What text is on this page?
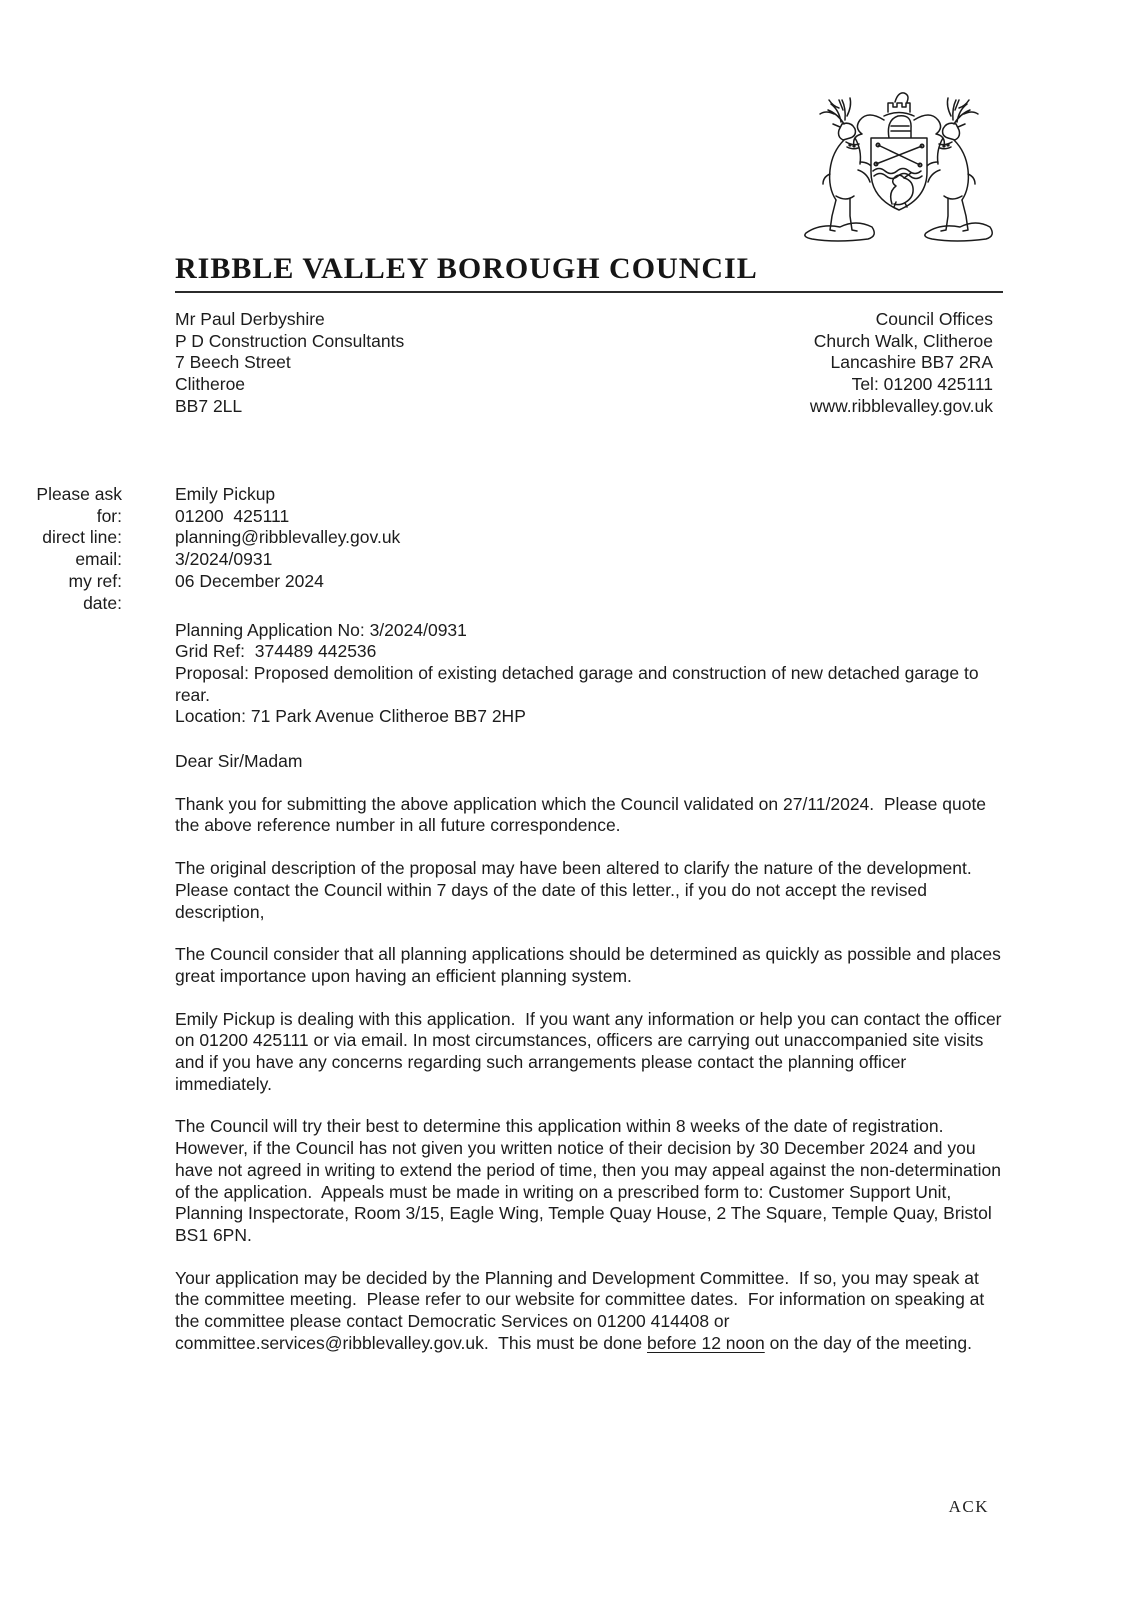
RIBBLE VALLEY BOROUGH COUNCIL
Mr Paul Derbyshire
P D Construction Consultants
7 Beech Street
Clitheroe
BB7 2LL
Council Offices
Church Walk, Clitheroe
Lancashire BB7 2RA
Tel: 01200 425111
www.ribblevalley.gov.uk
Please ask
for:
direct line:
email:
my ref:
date:
Emily Pickup
01200  425111
planning@ribblevalley.gov.uk
3/2024/0931
06 December 2024
Planning Application No: 3/2024/0931
Grid Ref:  374489 442536
Proposal: Proposed demolition of existing detached garage and construction of new detached garage to rear.
Location: 71 Park Avenue Clitheroe BB7 2HP
Dear Sir/Madam

Thank you for submitting the above application which the Council validated on 27/11/2024.  Please quote the above reference number in all future correspondence.

The original description of the proposal may have been altered to clarify the nature of the development.  Please contact the Council within 7 days of the date of this letter., if you do not accept the revised description,

The Council consider that all planning applications should be determined as quickly as possible and places great importance upon having an efficient planning system.

Emily Pickup is dealing with this application.  If you want any information or help you can contact the officer on 01200 425111 or via email. In most circumstances, officers are carrying out unaccompanied site visits and if you have any concerns regarding such arrangements please contact the planning officer immediately.

The Council will try their best to determine this application within 8 weeks of the date of registration.  However, if the Council has not given you written notice of their decision by 30 December 2024 and you have not agreed in writing to extend the period of time, then you may appeal against the non-determination of the application.  Appeals must be made in writing on a prescribed form to: Customer Support Unit, Planning Inspectorate, Room 3/15, Eagle Wing, Temple Quay House, 2 The Square, Temple Quay, Bristol BS1 6PN.

Your application may be decided by the Planning and Development Committee.  If so, you may speak at the committee meeting.  Please refer to our website for committee dates.  For information on speaking at the committee please contact Democratic Services on 01200 414408 or committee.services@ribblevalley.gov.uk.  This must be done before 12 noon on the day of the meeting.

ACK
